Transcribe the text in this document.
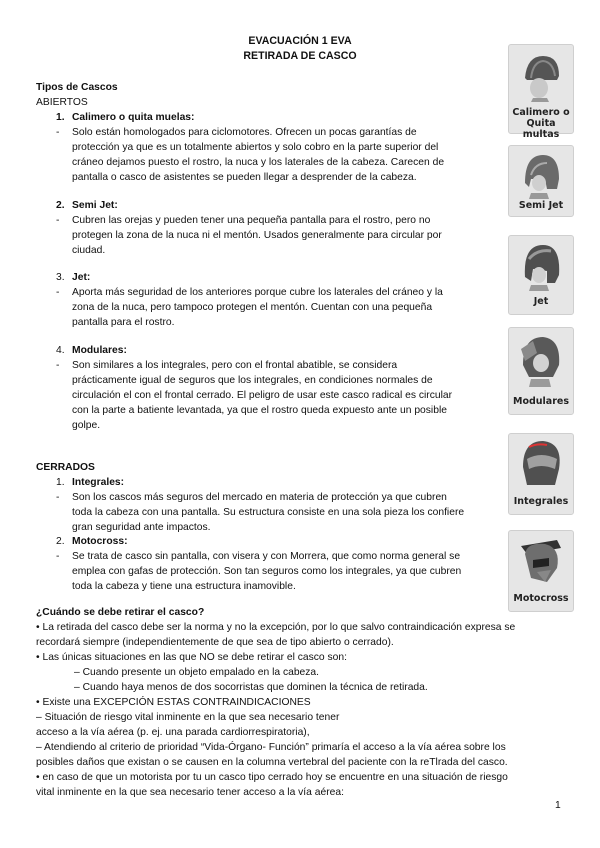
EVACUACIÓN 1 EVA
RETIRADA DE CASCO
Tipos de Cascos
ABIERTOS
1. Calimero o quita muelas:
- Solo están homologados para ciclomotores. Ofrecen un pocas garantías de
protección ya que es un totalmente abiertos y solo cobro en la parte superior del
cráneo dejamos puesto el rostro, la nuca y los laterales de la cabeza. Carecen de
pantalla o casco de asistentes se pueden llegar a desprender de la cabeza.
2. Semi Jet:
- Cubren las orejas y pueden tener una pequeña pantalla para el rostro, pero no
protegen la zona de la nuca ni el mentón. Usados generalmente para circular por
ciudad.
3. Jet:
- Aporta más seguridad de los anteriores porque cubre los laterales del cráneo y la
zona de la nuca, pero tampoco protegen el mentón. Cuentan con una pequeña
pantalla para el rostro.
4. Modulares:
- Son similares a los integrales, pero con el frontal abatible, se considera
prácticamente igual de seguros que los integrales, en condiciones normales de
circulación el con el frontal cerrado. El peligro de usar este casco radical es circular
con la parte a batiente levantada, ya que el rostro queda expuesto ante un posible
golpe.
CERRADOS
1. Integrales:
- Son los cascos más seguros del mercado en materia de protección ya que cubren
toda la cabeza con una pantalla. Su estructura consiste en una sola pieza los confiere
gran seguridad ante impactos.
2. Motocross:
- Se trata de casco sin pantalla, con visera y con Morrera, que como norma general se
emplea con gafas de protección. Son tan seguros como los integrales, ya que cubren
toda la cabeza y tiene una estructura inamovible.
Calimero o
Quita multas
Semi Jet
Jet
Modulares
Integrales
Motocross
¿Cuándo se debe retirar el casco?
• La retirada del casco debe ser la norma y no la excepción, por lo que salvo contraindicación expresa se
recordará siempre (independientemente de que sea de tipo abierto o cerrado).
• Las únicas situaciones en las que NO se debe retirar el casco son:
– Cuando presente un objeto empalado en la cabeza.
– Cuando haya menos de dos socorristas que dominen la técnica de retirada.
• Existe una EXCEPCIÓN ESTAS CONTRAINDICACIONES
– Situación de riesgo vital inminente en la que sea necesario tener
acceso a la vía aérea (p. ej. una parada cardiorrespiratoria),
– Atendiendo al criterio de prioridad “Vida-Órgano- Función” primaría el acceso a la vía aérea sobre los
posibles daños que existan o se causen en la columna vertebral del paciente con la reTlrada del casco.
• en caso de que un motorista por tu un casco tipo cerrado hoy se encuentre en una situación de riesgo
vital inminente en la que sea necesario tener acceso a la vía aérea:
1
